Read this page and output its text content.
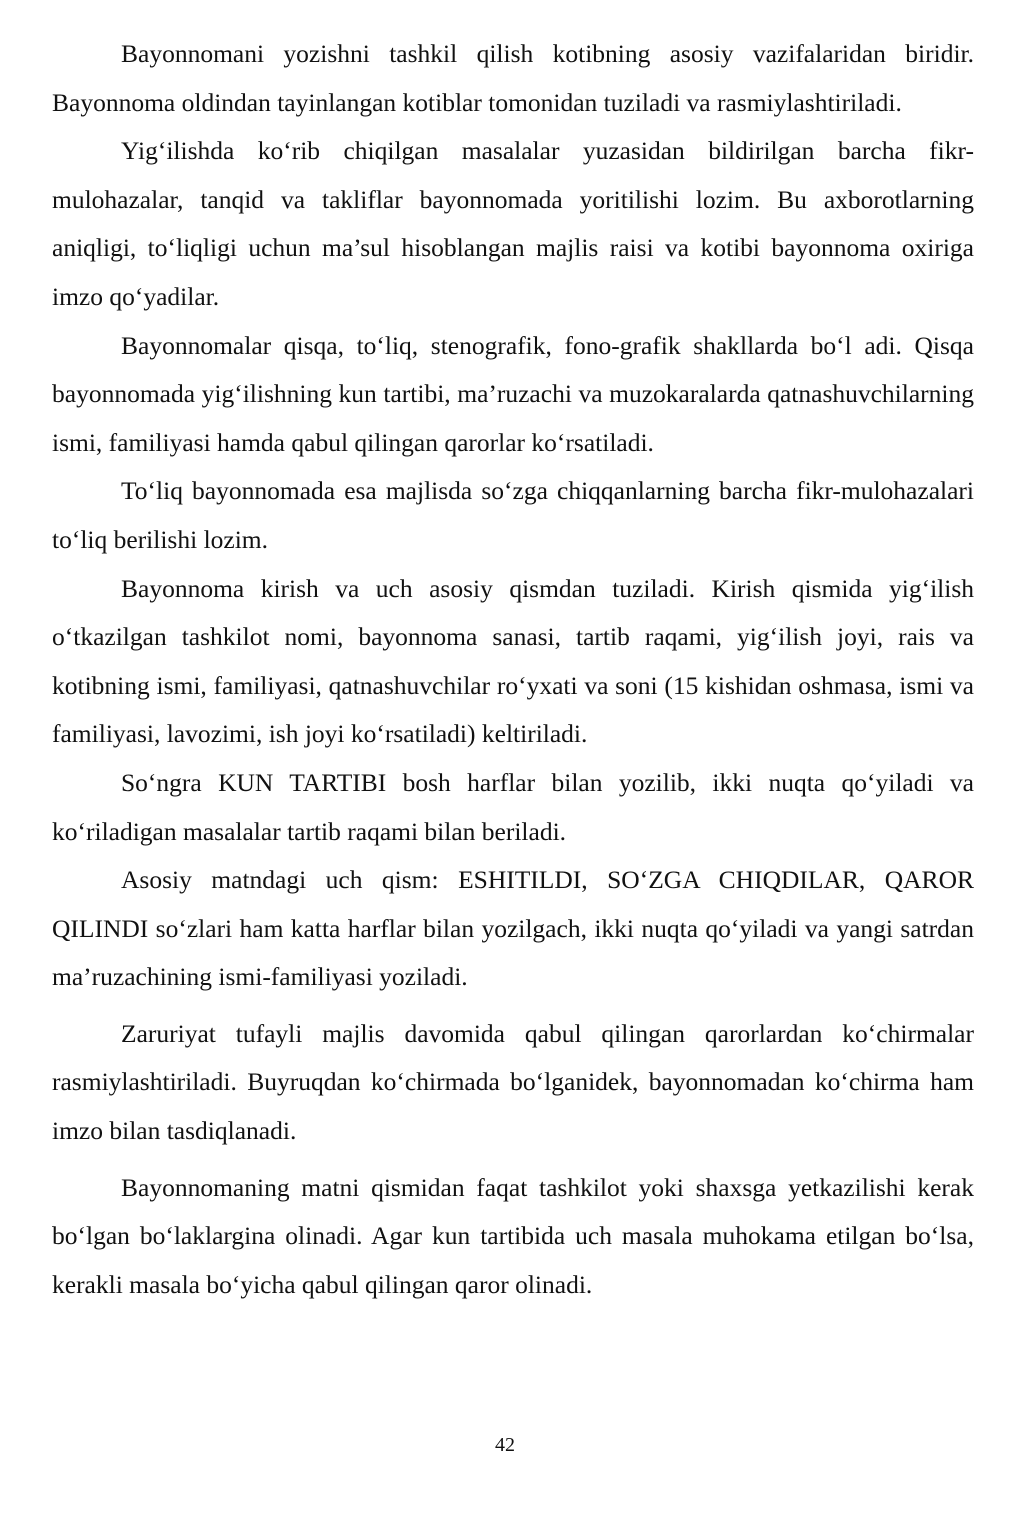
Bayonnomani yozishni tashkil qilish kotibning asosiy vazifalaridan biridir. Bayonnoma oldindan tayinlangan kotiblar tomonidan tuziladi va rasmiylashtiriladi.

Yig‘ilishda ko‘rib chiqilgan masalalar yuzasidan bildirilgan barcha fikr-mulohazalar, tanqid va takliflar bayonnomada yoritilishi lozim. Bu axborotlarning aniqligi, to‘liqligi uchun ma’sul hisoblangan majlis raisi va kotibi bayonnoma oxiriga imzo qo‘yadilar.

Bayonnomalar qisqa, to‘liq, stenografik, fono-grafik shakllarda bo‘l adi. Qisqa bayonnomada yig‘ilishning kun tartibi, ma’ruzachi va muzokaralarda qatnashuvchilarning ismi, familiyasi hamda qabul qilingan qarorlar ko‘rsatiladi.

To‘liq bayonnomada esa majlisda so‘zga chiqqanlarning barcha fikr-mulohazalari to‘liq berilishi lozim.

Bayonnoma kirish va uch asosiy qismdan tuziladi. Kirish qismida yig‘ilish o‘tkazilgan tashkilot nomi, bayonnoma sanasi, tartib raqami, yig‘ilish joyi, rais va kotibning ismi, familiyasi, qatnashuvchilar ro‘yxati va soni (15 kishidan oshmasa, ismi va familiyasi, lavozimi, ish joyi ko‘rsatiladi) keltiriladi.

So‘ngra KUN TARTIBI bosh harflar bilan yozilib, ikki nuqta qo‘yiladi va ko‘riladigan masalalar tartib raqami bilan beriladi.

Asosiy matndagi uch qism: ESHITILDI, SO‘ZGA CHIQDILAR, QAROR QILINDI so‘zlari ham katta harflar bilan yozilgach, ikki nuqta qo‘yiladi va yangi satrdan ma’ruzachining ismi-familiyasi yoziladi.

Zaruriyat tufayli majlis davomida qabul qilingan qarorlardan ko‘chirmalar rasmiylashtiriladi. Buyruqdan ko‘chirmada bo‘lganidek, bayonnomadan ko‘chirma ham imzo bilan tasdiqlanadi.

Bayonnomaning matni qismidan faqat tashkilot yoki shaxsga yetkazilishi kerak bo‘lgan bo‘laklargina olinadi. Agar kun tartibida uch masala muhokama etilgan bo‘lsa, kerakli masala bo‘yicha qabul qilingan qaror olinadi.

42
